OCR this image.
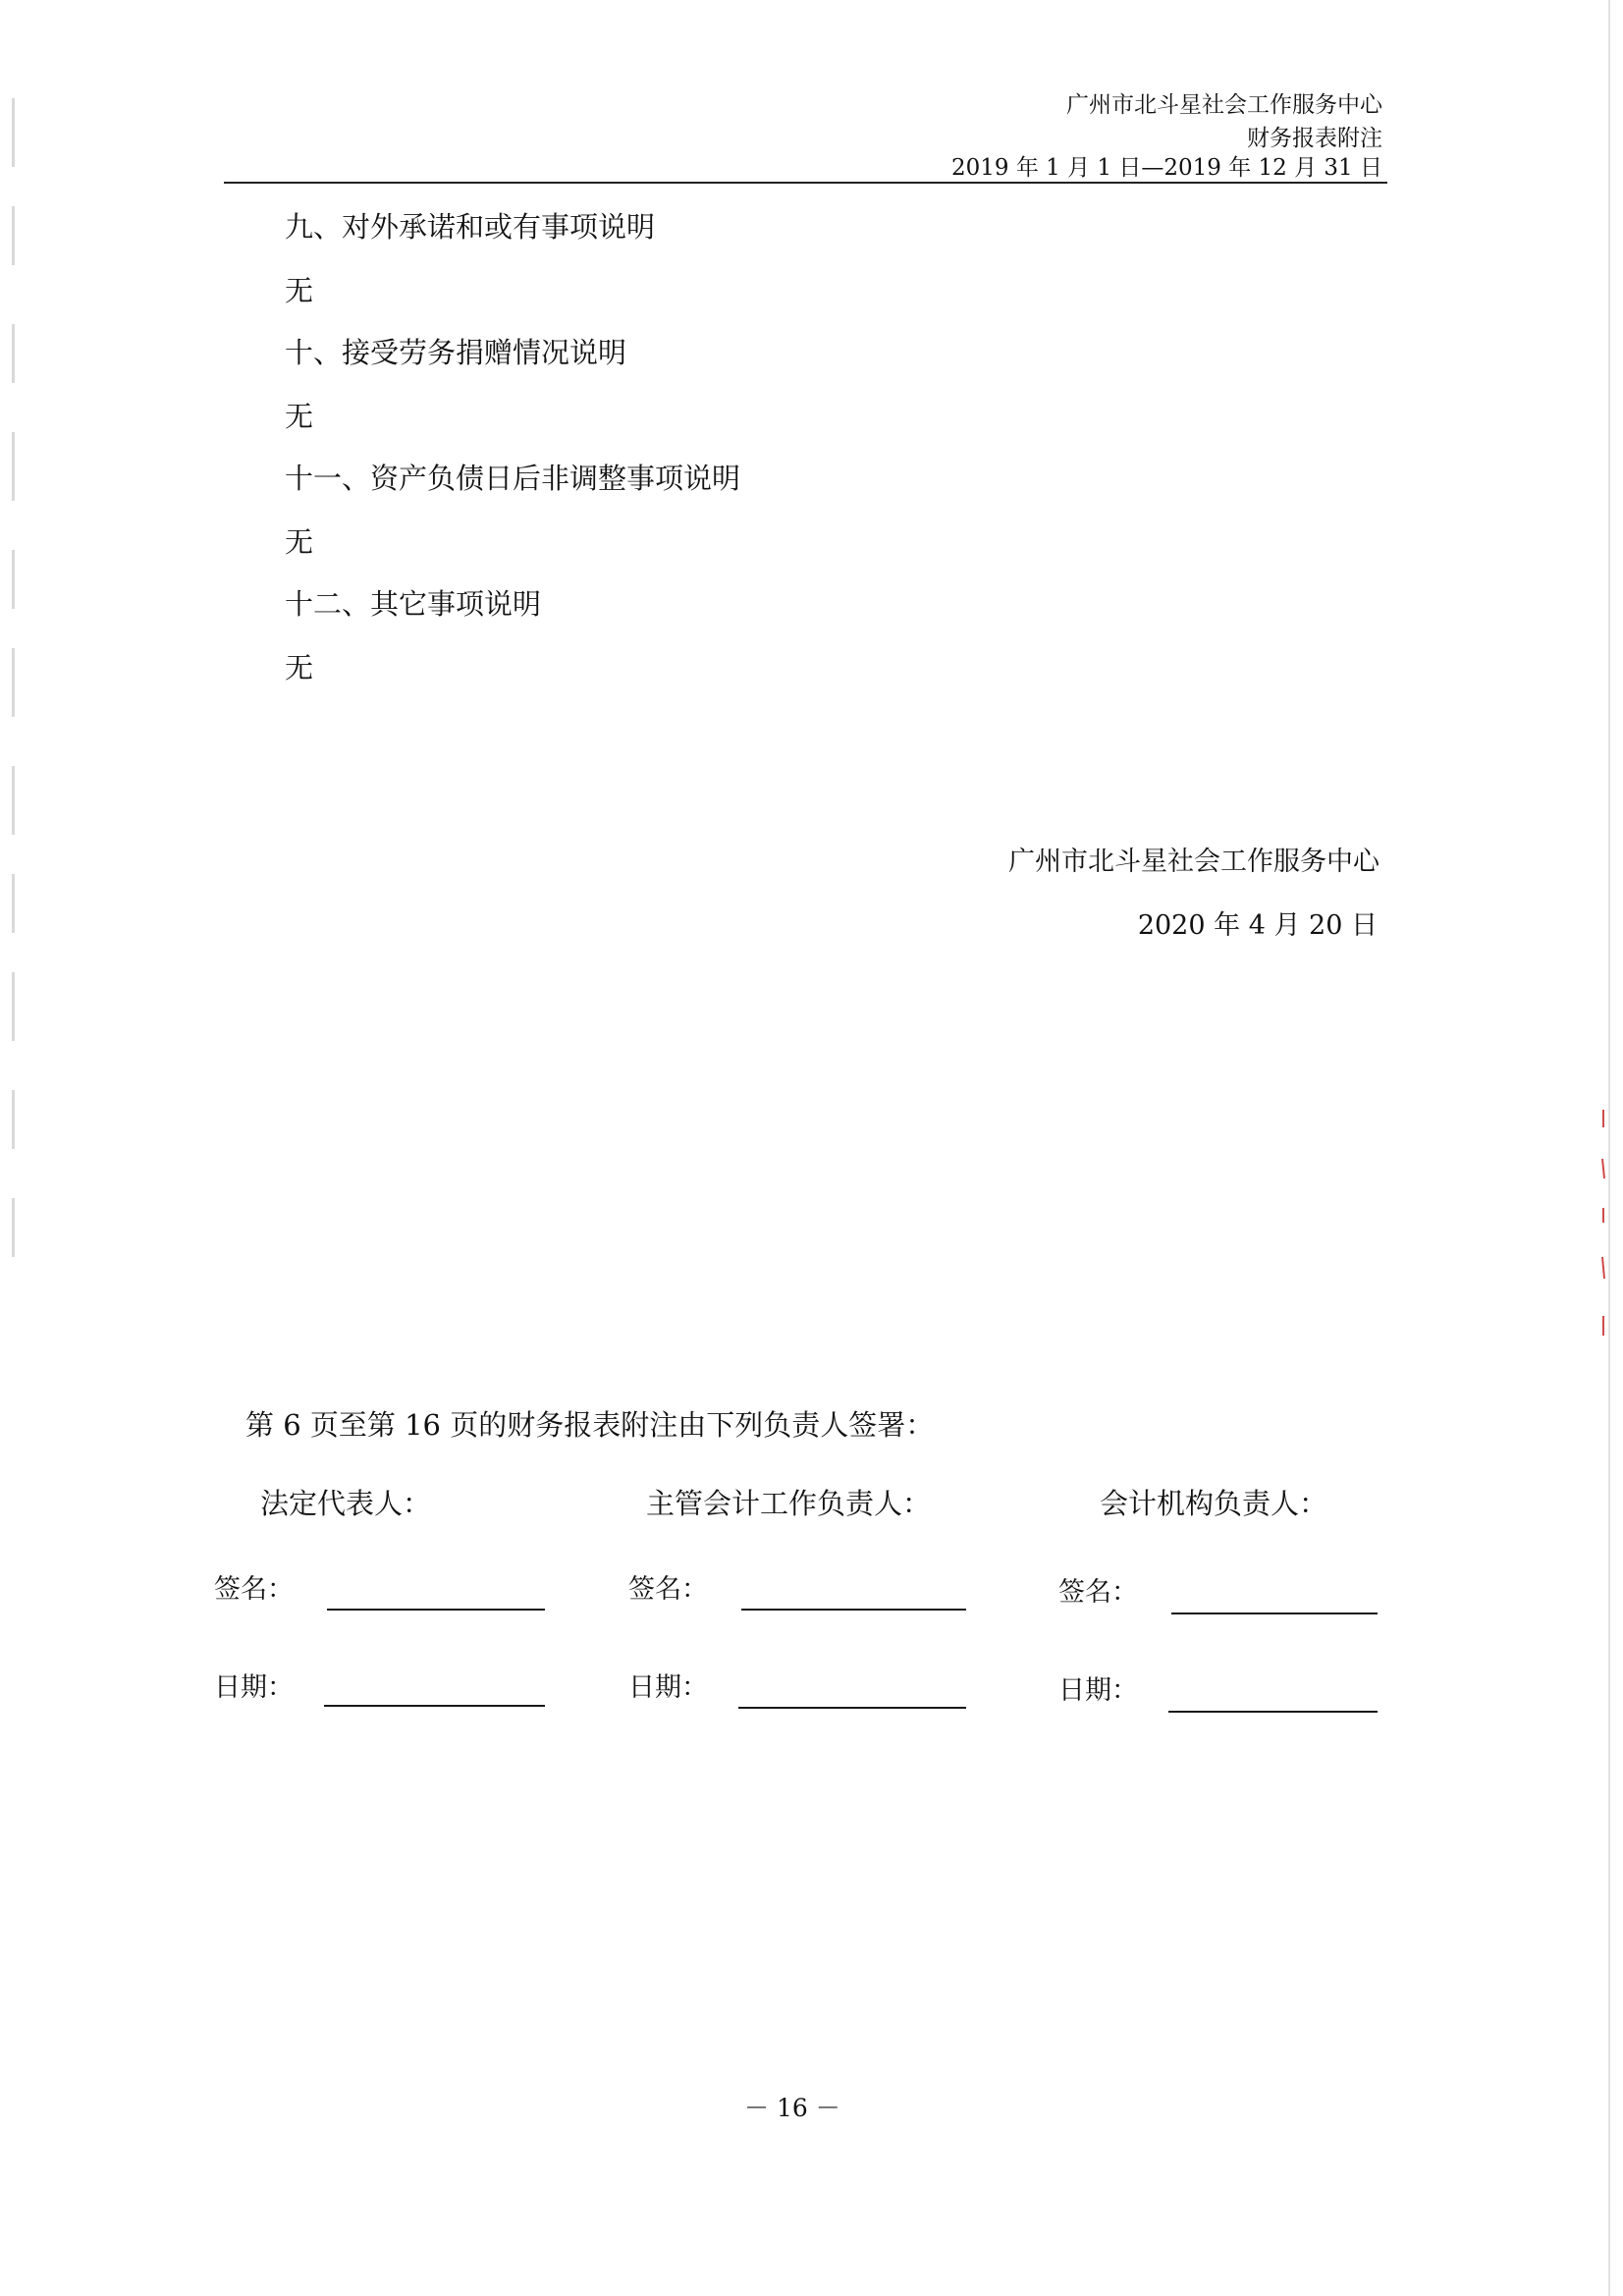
广州市北斗星社会工作服务中心
财务报表附注
2019 年 1 月 1 日—2019 年 12 月 31 日
九、对外承诺和或有事项说明
无
十、接受劳务捐赠情况说明
无
十一、资产负债日后非调整事项说明
无
十二、其它事项说明
无
广州市北斗星社会工作服务中心
2020 年 4 月 20 日
第 6 页至第 16 页的财务报表附注由下列负责人签署：
法定代表人：	主管会计工作负责人：	会计机构负责人：
签名：	签名：	签名：
日期：	日期：	日期：
－ 16 －
